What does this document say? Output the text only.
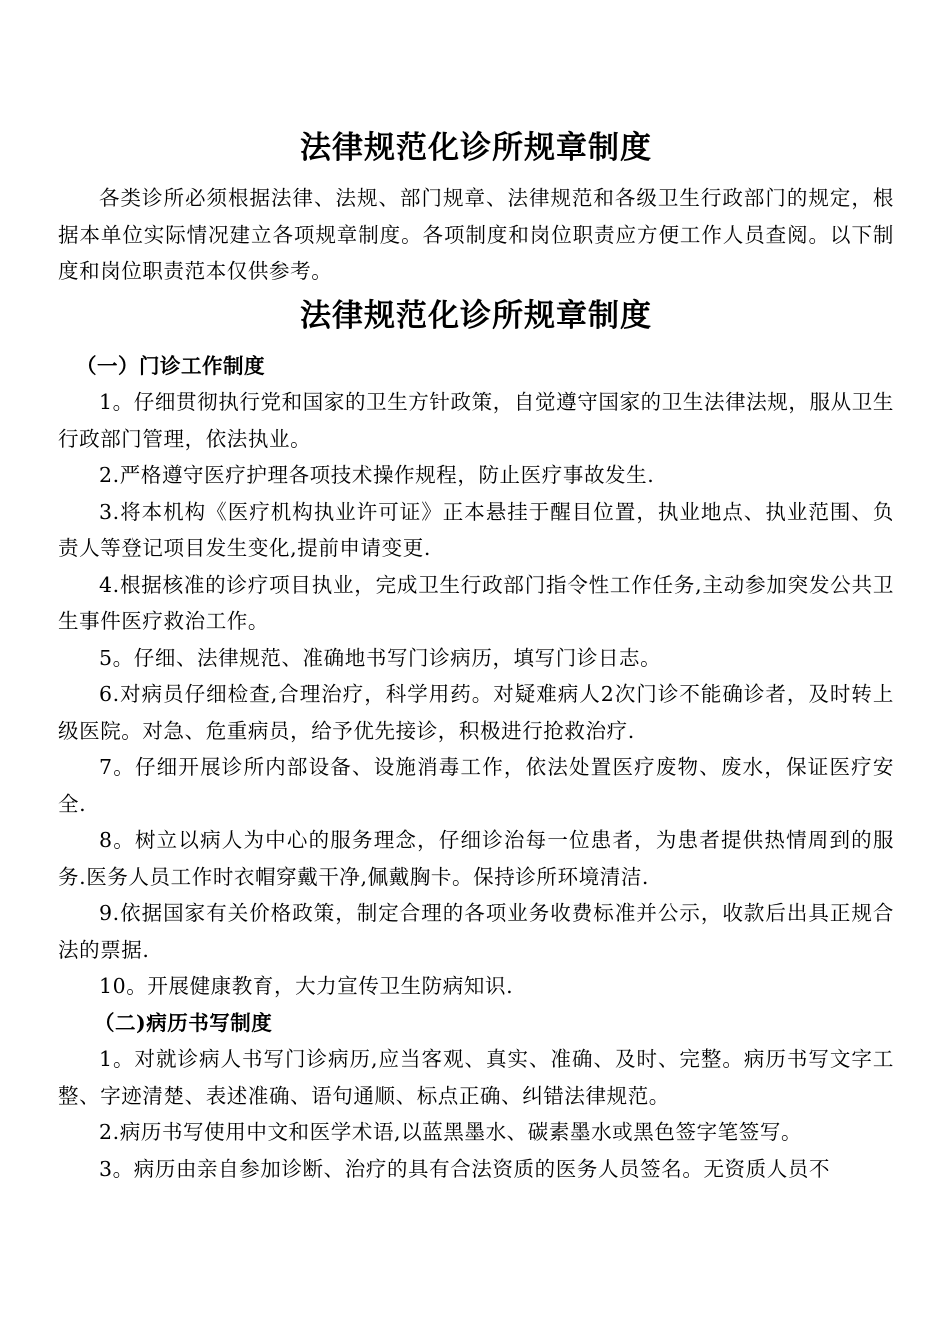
法律规范化诊所规章制度

各类诊所必须根据法律、法规、部门规章、法律规范和各级卫生行政部门的规定，根据本单位实际情况建立各项规章制度。各项制度和岗位职责应方便工作人员查阅。以下制度和岗位职责范本仅供参考。

法律规范化诊所规章制度
（一）门诊工作制度

1。仔细贯彻执行党和国家的卫生方针政策，自觉遵守国家的卫生法律法规，服从卫生行政部门管理，依法执业。

2.严格遵守医疗护理各项技术操作规程，防止医疗事故发生.

3.将本机构《医疗机构执业许可证》正本悬挂于醒目位置，执业地点、执业范围、负责人等登记项目发生变化,提前申请变更.

4.根据核准的诊疗项目执业，完成卫生行政部门指令性工作任务,主动参加突发公共卫生事件医疗救治工作。

5。仔细、法律规范、准确地书写门诊病历，填写门诊日志。

6.对病员仔细检查,合理治疗，科学用药。对疑难病人2次门诊不能确诊者，及时转上级医院。对急、危重病员，给予优先接诊，积极进行抢救治疗.

7。仔细开展诊所内部设备、设施消毒工作，依法处置医疗废物、废水，保证医疗安全.

8。树立以病人为中心的服务理念，仔细诊治每一位患者，为患者提供热情周到的服务.医务人员工作时衣帽穿戴干净,佩戴胸卡。保持诊所环境清洁.

9.依据国家有关价格政策，制定合理的各项业务收费标准并公示，收款后出具正规合法的票据.

10。开展健康教育，大力宣传卫生防病知识.

（二)病历书写制度

1。对就诊病人书写门诊病历,应当客观、真实、准确、及时、完整。病历书写文字工整、字迹清楚、表述准确、语句通顺、标点正确、纠错法律规范。

2.病历书写使用中文和医学术语,以蓝黑墨水、碳素墨水或黑色签字笔签写。

3。病历由亲自参加诊断、治疗的具有合法资质的医务人员签名。无资质人员不
